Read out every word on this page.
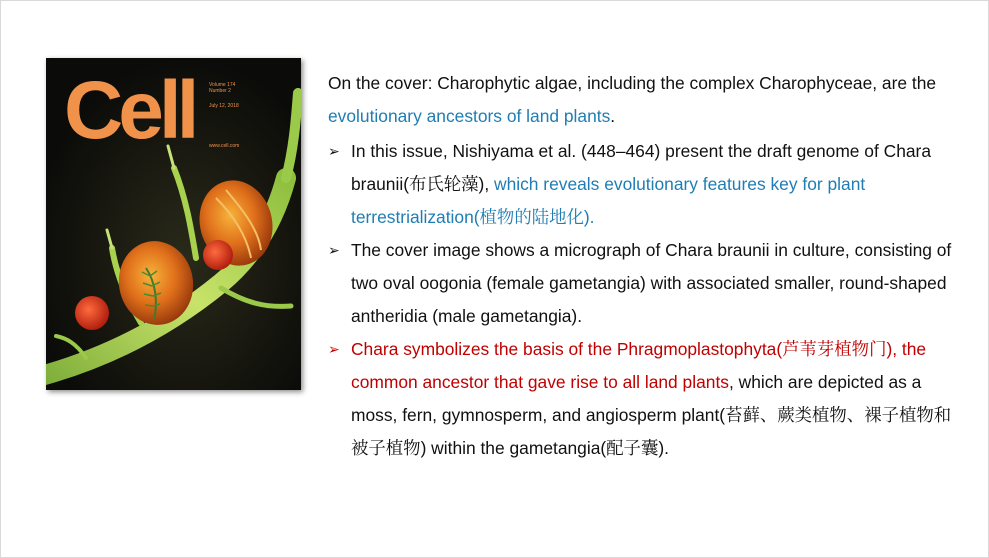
Cell	Volume 174
Number 2
July 12, 2018
www.cell.com

On the cover: Charophytic algae, including the complex Charophyceae, are the evolutionary ancestors of land plants.

➢ In this issue, Nishiyama et al. (448–464) present the draft genome of Chara braunii(布氏轮藻), which reveals evolutionary features key for plant terrestrialization(植物的陆地化).
➢ The cover image shows a micrograph of Chara braunii in culture, consisting of two oval oogonia (female gametangia) with associated smaller, round-shaped antheridia (male gametangia).
➢ Chara symbolizes the basis of the Phragmoplastophyta(芦苇芽植物门), the common ancestor that gave rise to all land plants, which are depicted as a moss, fern, gymnosperm, and angiosperm plant(苔藓、蕨类植物、裸子植物和被子植物) within the gametangia(配子囊).
